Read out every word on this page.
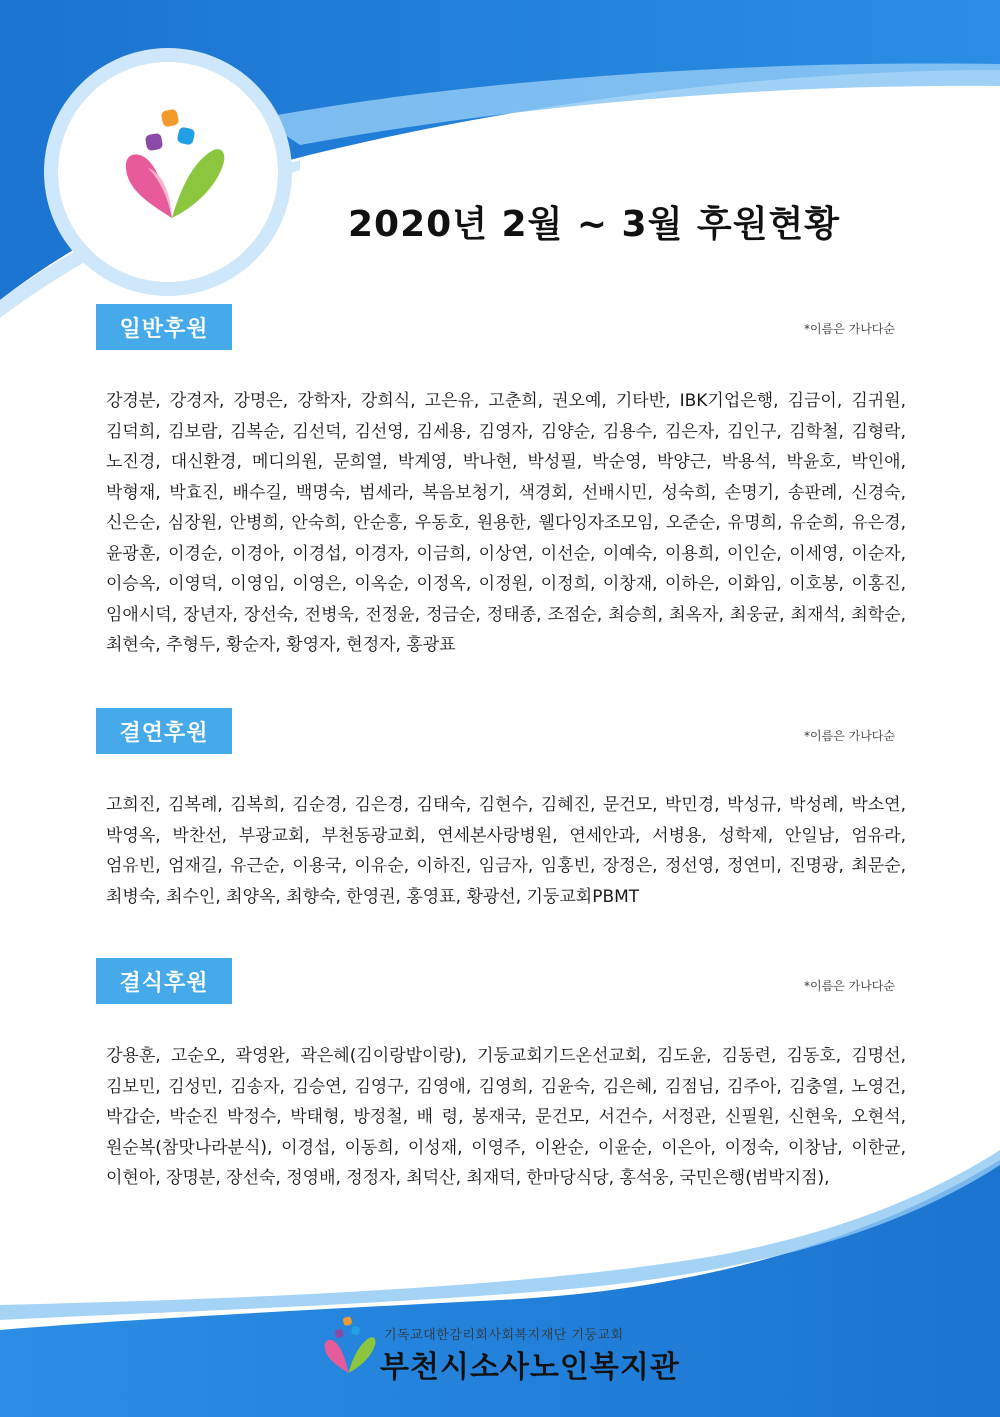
2020년 2월 ~ 3월 후원현황
일반후원	*이름은 가나다순
강경분, 강경자, 강명은, 강학자, 강희식, 고은유, 고춘희, 권오예, 기타반, IBK기업은행, 김금이, 김귀원, 김덕희, 김보람, 김복순, 김선덕, 김선영, 김세용, 김영자, 김양순, 김용수, 김은자, 김인구, 김학철, 김형락, 노진경, 대신환경, 메디의원, 문희열, 박계영, 박나현, 박성필, 박순영, 박양근, 박용석, 박윤호, 박인애, 박형재, 박효진, 배수길, 백명숙, 범세라, 복음보청기, 색경회, 선배시민, 성숙희, 손명기, 송판례, 신경숙, 신은순, 심장원, 안병희, 안숙희, 안순흥, 우동호, 원용한, 웰다잉자조모임, 오준순, 유명희, 유순희, 유은경, 윤광훈, 이경순, 이경아, 이경섭, 이경자, 이금희, 이상연, 이선순, 이예숙, 이용희, 이인순, 이세영, 이순자, 이승옥, 이영덕, 이영임, 이영은, 이옥순, 이정옥, 이정원, 이정희, 이창재, 이하은, 이화임, 이호봉, 이홍진, 임애시덕, 장년자, 장선숙, 전병욱, 전정윤, 정금순, 정태종, 조점순, 최승희, 최옥자, 최웅균, 최재석, 최학순, 최현숙, 추형두, 황순자, 황영자, 현정자, 홍광표
결연후원	*이름은 가나다순
고희진, 김복례, 김복희, 김순경, 김은경, 김태숙, 김현수, 김혜진, 문건모, 박민경, 박성규, 박성례, 박소연, 박영옥, 박찬선, 부광교회, 부천동광교회, 연세본사랑병원, 연세안과, 서병용, 성학제, 안일남, 엄유라, 엄유빈, 엄재길, 유근순, 이용국, 이유순, 이하진, 임금자, 임홍빈, 장정은, 정선영, 정연미, 진명광, 최문순, 최병숙, 최수인, 최양옥, 최향숙, 한영권, 홍영표, 황광선, 기둥교회PBMT
결식후원	*이름은 가나다순
강용훈, 고순오, 곽영완, 곽은혜(김이랑밥이랑), 기둥교회기드온선교회, 김도윤, 김동련, 김동호, 김명선, 김보민, 김성민, 김송자, 김승연, 김영구, 김영애, 김영희, 김윤숙, 김은혜, 김점님, 김주아, 김충열, 노영건, 박갑순, 박순진 박정수, 박태형, 방정철, 배 령, 봉재국, 문건모, 서건수, 서정관, 신필원, 신현욱, 오현석, 원순복(참맛나라분식), 이경섭, 이동희, 이성재, 이영주, 이완순, 이윤순, 이은아, 이정숙, 이창남, 이한균, 이현아, 장명분, 장선숙, 정영배, 정정자, 최덕산, 최재덕, 한마당식당, 홍석웅, 국민은행(범박지점),
기독교대한감리회사회복지재단 기둥교회
부천시소사노인복지관
